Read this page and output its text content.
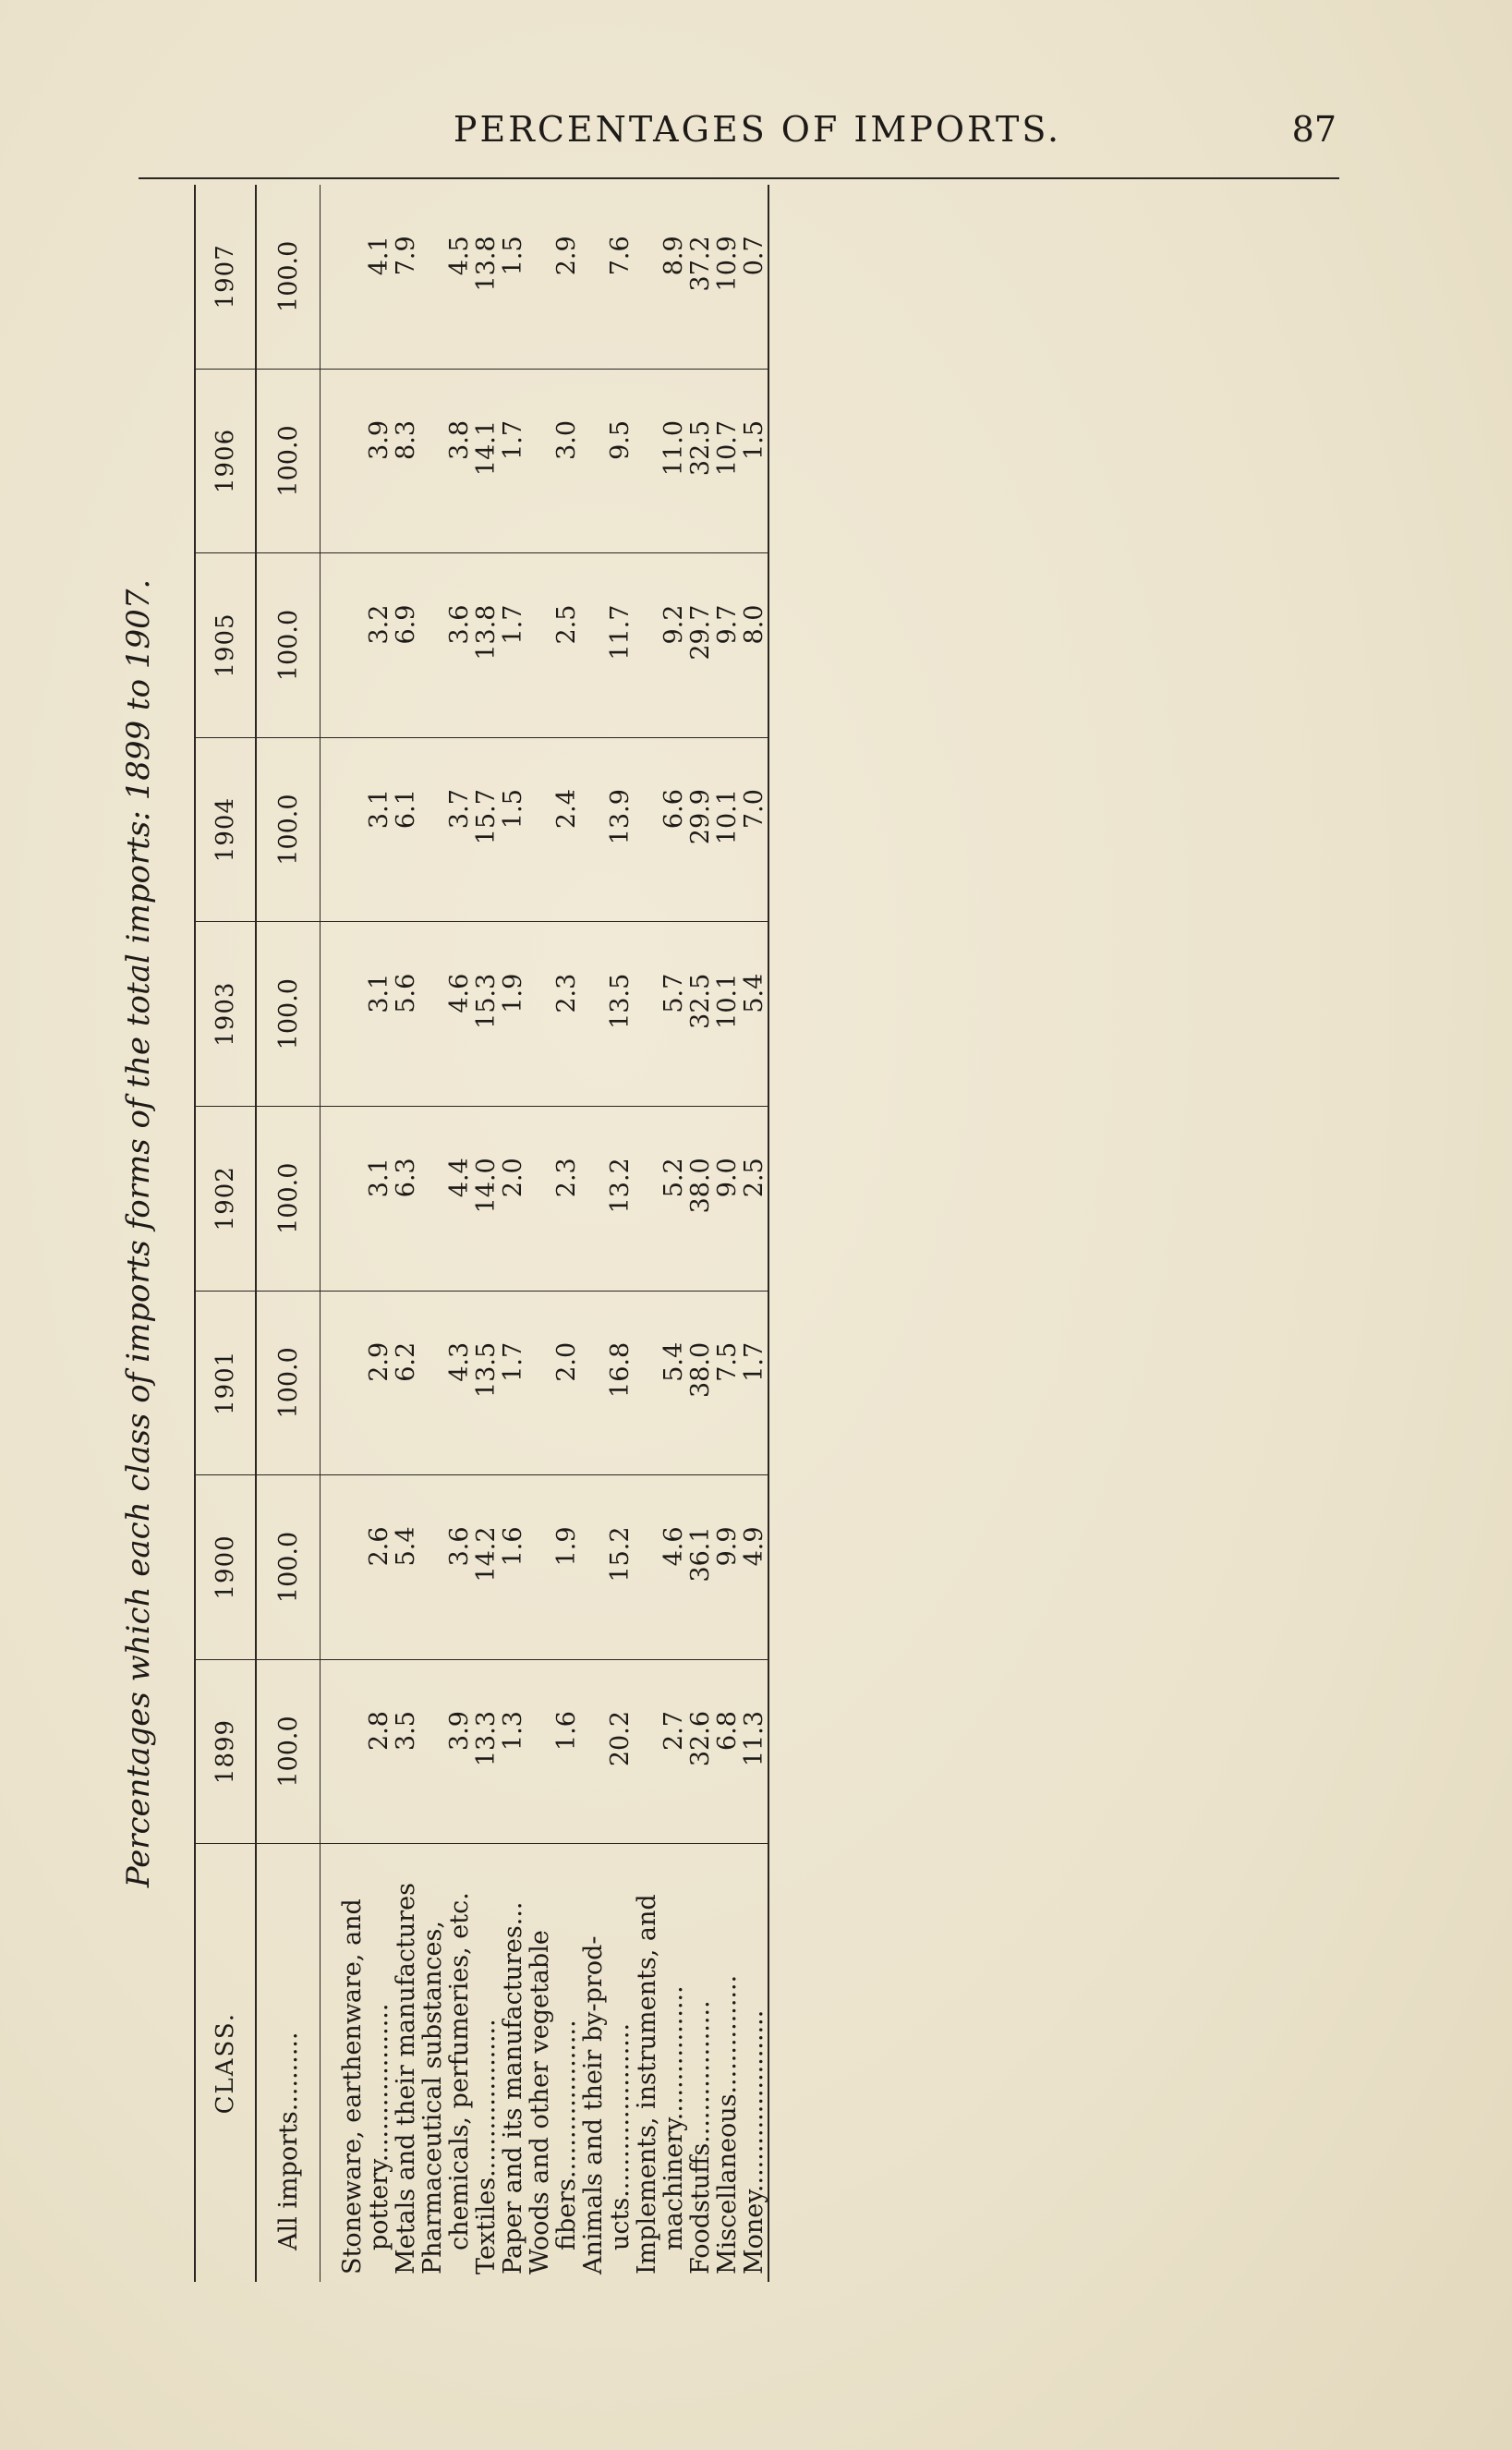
PERCENTAGES OF IMPORTS.	87
Percentages which each class of imports forms of the total imports: 1899 to 1907.
CLASS.	1899	1900	1901	1902	1903	1904	1905	1906	1907
All imports..........	100.0	100.0	100.0	100.0	100.0	100.0	100.0	100.0	100.0

Stoneware, earthenware, and									
pottery....................	2.8	2.6	2.9	3.1	3.1	3.1	3.2	3.9	4.1
Metals and their manufactures	3.5	5.4	6.2	6.3	5.6	6.1	6.9	8.3	7.9
Pharmaceutical substances,									
chemicals, perfumeries, etc.	3.9	3.6	4.3	4.4	4.6	3.7	3.6	3.8	4.5
Textiles....................	13.3	14.2	13.5	14.0	15.3	15.7	13.8	14.1	13.8
Paper and its manufactures...	1.3	1.6	1.7	2.0	1.9	1.5	1.7	1.7	1.5
Woods and other vegetable									
fibers....................	1.6	1.9	2.0	2.3	2.3	2.4	2.5	3.0	2.9
Animals and their by-prod-									
ucts......................	20.2	15.2	16.8	13.2	13.5	13.9	11.7	9.5	7.6
Implements, instruments, and									
machinery.................	2.7	4.6	5.4	5.2	5.7	6.6	9.2	11.0	8.9
Foodstuffs..................	32.6	36.1	38.0	38.0	32.5	29.9	29.7	32.5	37.2
Miscellaneous...............	6.8	9.9	7.5	9.0	10.1	10.1	9.7	10.7	10.9
Money.......................	11.3	4.9	1.7	2.5	5.4	7.0	8.0	1.5	0.7
